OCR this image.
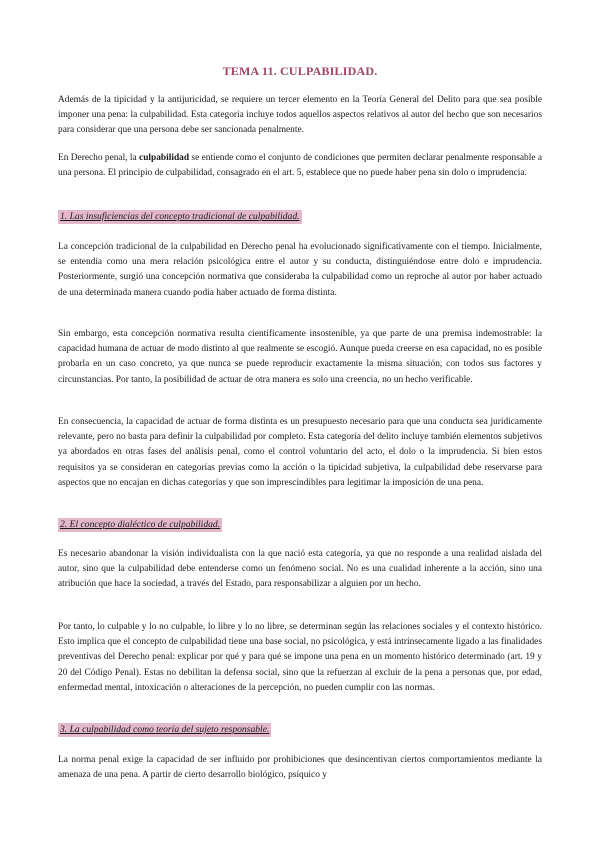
TEMA 11. CULPABILIDAD.

Además de la tipicidad y la antijuricidad, se requiere un tercer elemento en la Teoría General del Delito para que sea posible imponer una pena: la culpabilidad. Esta categoría incluye todos aquellos aspectos relativos al autor del hecho que son necesarios para considerar que una persona debe ser sancionada penalmente.

En Derecho penal, la culpabilidad se entiende como el conjunto de condiciones que permiten declarar penalmente responsable a una persona. El principio de culpabilidad, consagrado en el art. 5, establece que no puede haber pena sin dolo o imprudencia.

1. Las insuficiencias del concepto tradicional de culpabilidad.

La concepción tradicional de la culpabilidad en Derecho penal ha evolucionado significativamente con el tiempo. Inicialmente, se entendía como una mera relación psicológica entre el autor y su conducta, distinguiéndose entre dolo e imprudencia. Posteriormente, surgió una concepción normativa que consideraba la culpabilidad como un reproche al autor por haber actuado de una determinada manera cuando podía haber actuado de forma distinta.

Sin embargo, esta concepción normativa resulta científicamente insostenible, ya que parte de una premisa indemostrable: la capacidad humana de actuar de modo distinto al que realmente se escogió. Aunque pueda creerse en esa capacidad, no es posible probarla en un caso concreto, ya que nunca se puede reproducir exactamente la misma situación, con todos sus factores y circunstancias. Por tanto, la posibilidad de actuar de otra manera es solo una creencia, no un hecho verificable.

En consecuencia, la capacidad de actuar de forma distinta es un presupuesto necesario para que una conducta sea jurídicamente relevante, pero no basta para definir la culpabilidad por completo. Esta categoría del delito incluye también elementos subjetivos ya abordados en otras fases del análisis penal, como el control voluntario del acto, el dolo o la imprudencia. Si bien estos requisitos ya se consideran en categorías previas como la acción o la tipicidad subjetiva, la culpabilidad debe reservarse para aspectos que no encajan en dichas categorías y que son imprescindibles para legitimar la imposición de una pena.

2. El concepto dialéctico de culpabilidad.

Es necesario abandonar la visión individualista con la que nació esta categoría, ya que no responde a una realidad aislada del autor, sino que la culpabilidad debe entenderse como un fenómeno social. No es una cualidad inherente a la acción, sino una atribución que hace la sociedad, a través del Estado, para responsabilizar a alguien por un hecho.

Por tanto, lo culpable y lo no culpable, lo libre y lo no libre, se determinan según las relaciones sociales y el contexto histórico. Esto implica que el concepto de culpabilidad tiene una base social, no psicológica, y está intrínsecamente ligado a las finalidades preventivas del Derecho penal: explicar por qué y para qué se impone una pena en un momento histórico determinado (art. 19 y 20 del Código Penal). Estas no debilitan la defensa social, sino que la refuerzan al excluir de la pena a personas que, por edad, enfermedad mental, intoxicación o alteraciones de la percepción, no pueden cumplir con las normas.

3. La culpabilidad como teoría del sujeto responsable.

La norma penal exige la capacidad de ser influido por prohibiciones que desincentivan ciertos comportamientos mediante la amenaza de una pena. A partir de cierto desarrollo biológico, psíquico y
